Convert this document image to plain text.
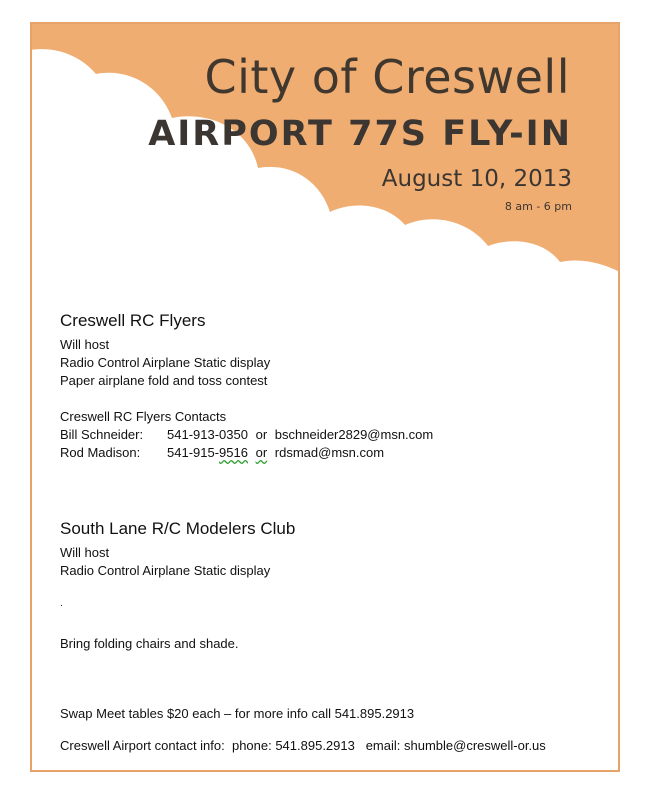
City of Creswell
AIRPORT 77S FLY-IN
August 10, 2013
8 am - 6 pm
Creswell RC Flyers
Will host
Radio Control Airplane Static display
Paper airplane fold and toss contest
Creswell RC Flyers Contacts
Bill Schneider: 541-913-0350 or bschneider2829@msn.com
Rod Madison: 541-915-9516 or rdsmad@msn.com
South Lane R/C Modelers Club
Will host
Radio Control Airplane Static display
.
Bring folding chairs and shade.
Swap Meet tables $20 each – for more info call 541.895.2913
Creswell Airport contact info:  phone: 541.895.2913   email: shumble@creswell-or.us
